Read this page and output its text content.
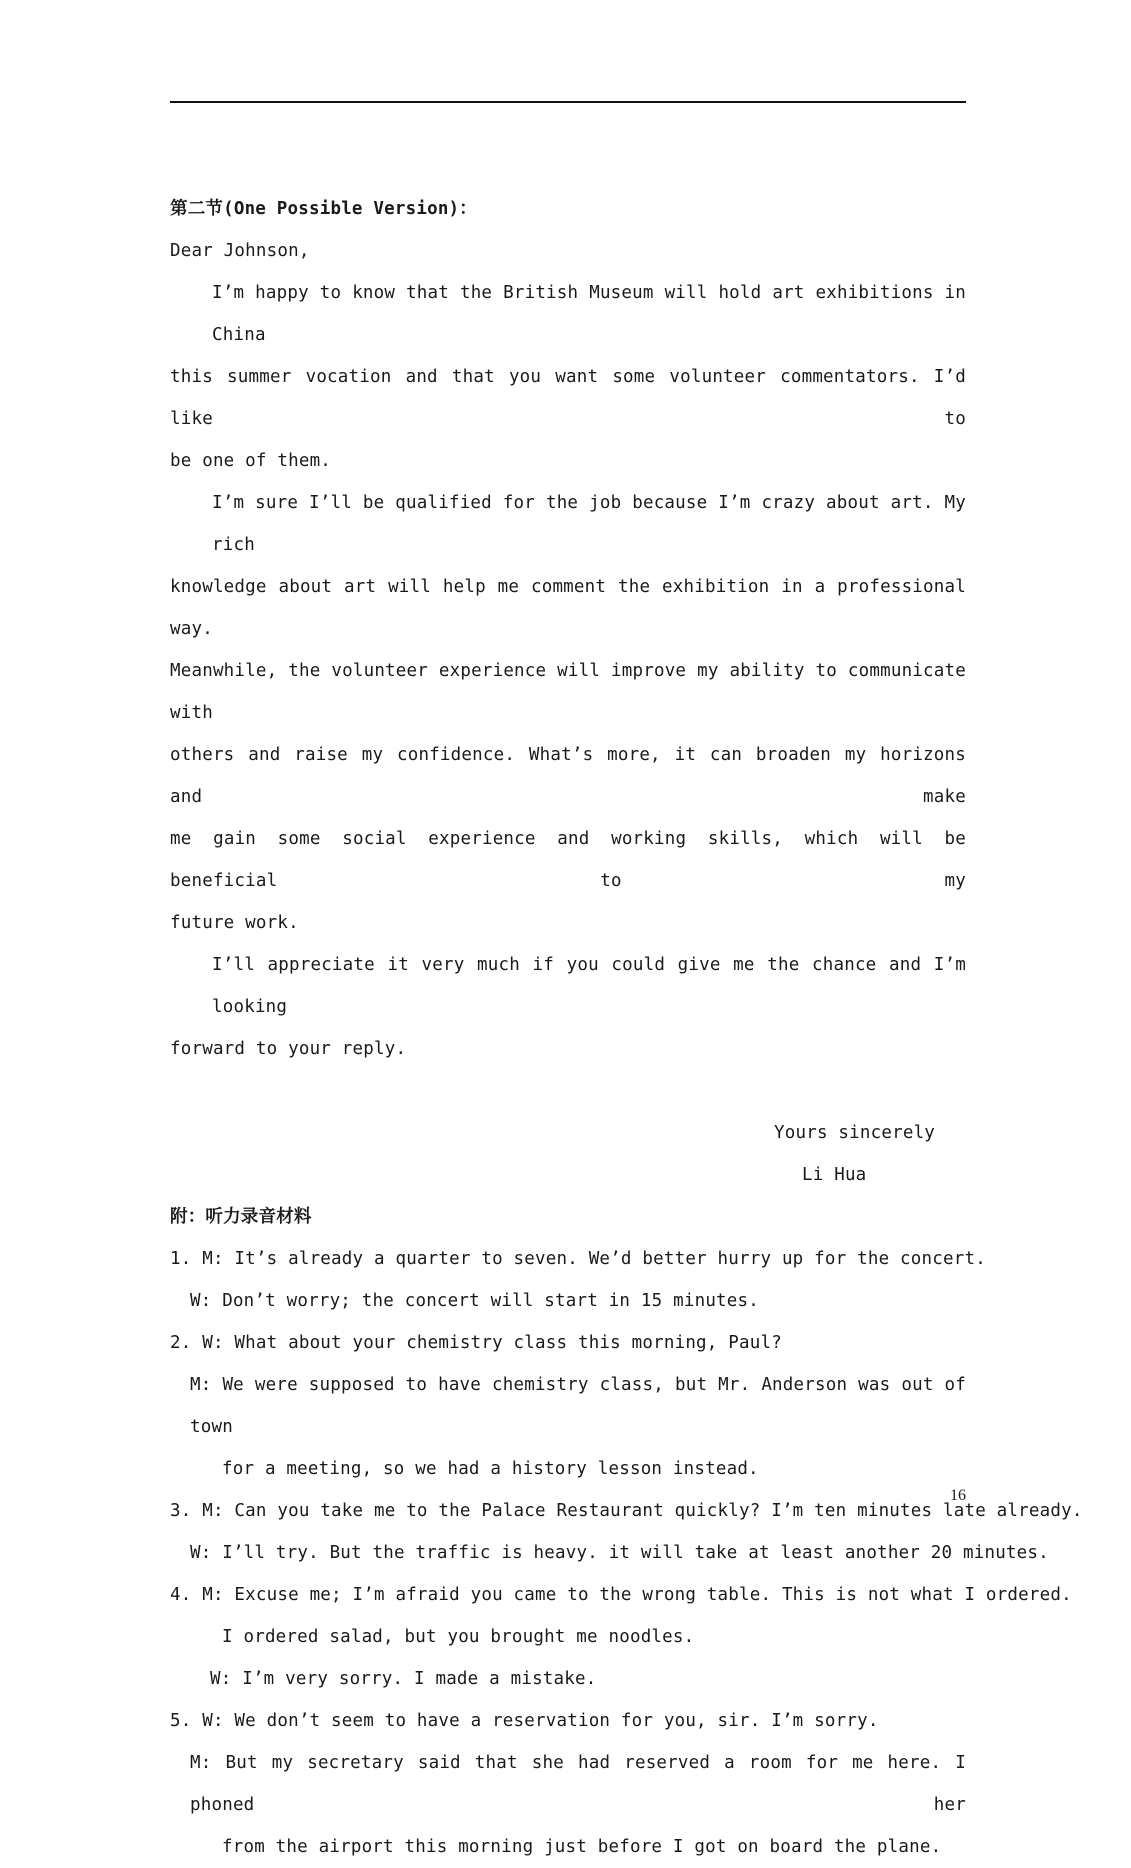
第二节(One Possible Version)：
Dear Johnson,
I’m happy to know that the British Museum will hold art exhibitions in China
this summer vocation and that you want some volunteer commentators. I’d like to
be one of them.
I’m sure I’ll be qualified for the job because I’m crazy about art. My rich
knowledge about art will help me comment the exhibition in a professional way.
Meanwhile, the volunteer experience will improve my ability to communicate with
others and raise my confidence. What’s more, it can broaden my horizons and make
me gain some social experience and working skills, which will be beneficial to my
future work.
I’ll appreciate it very much if you could give me the chance and I’m looking
forward to your reply.
Yours sincerely
Li Hua
附：听力录音材料
1. M: It’s already a quarter to seven. We’d better hurry up for the concert.
W: Don’t worry; the concert will start in 15 minutes.
2. W: What about your chemistry class this morning, Paul?
M: We were supposed to have chemistry class, but Mr. Anderson was out of town
for a meeting, so we had a history lesson instead.
3. M: Can you take me to the Palace Restaurant quickly? I’m ten minutes late already.
W: I’ll try. But the traffic is heavy. it will take at least another 20 minutes.
4. M: Excuse me; I’m afraid you came to the wrong table. This is not what I ordered.
I ordered salad, but you brought me noodles.
W: I’m very sorry. I made a mistake.
5. W: We don’t seem to have a reservation for you, sir. I’m sorry.
M: But my secretary said that she had reserved a room for me here. I phoned her
from the airport this morning just before I got on board the plane.
16
